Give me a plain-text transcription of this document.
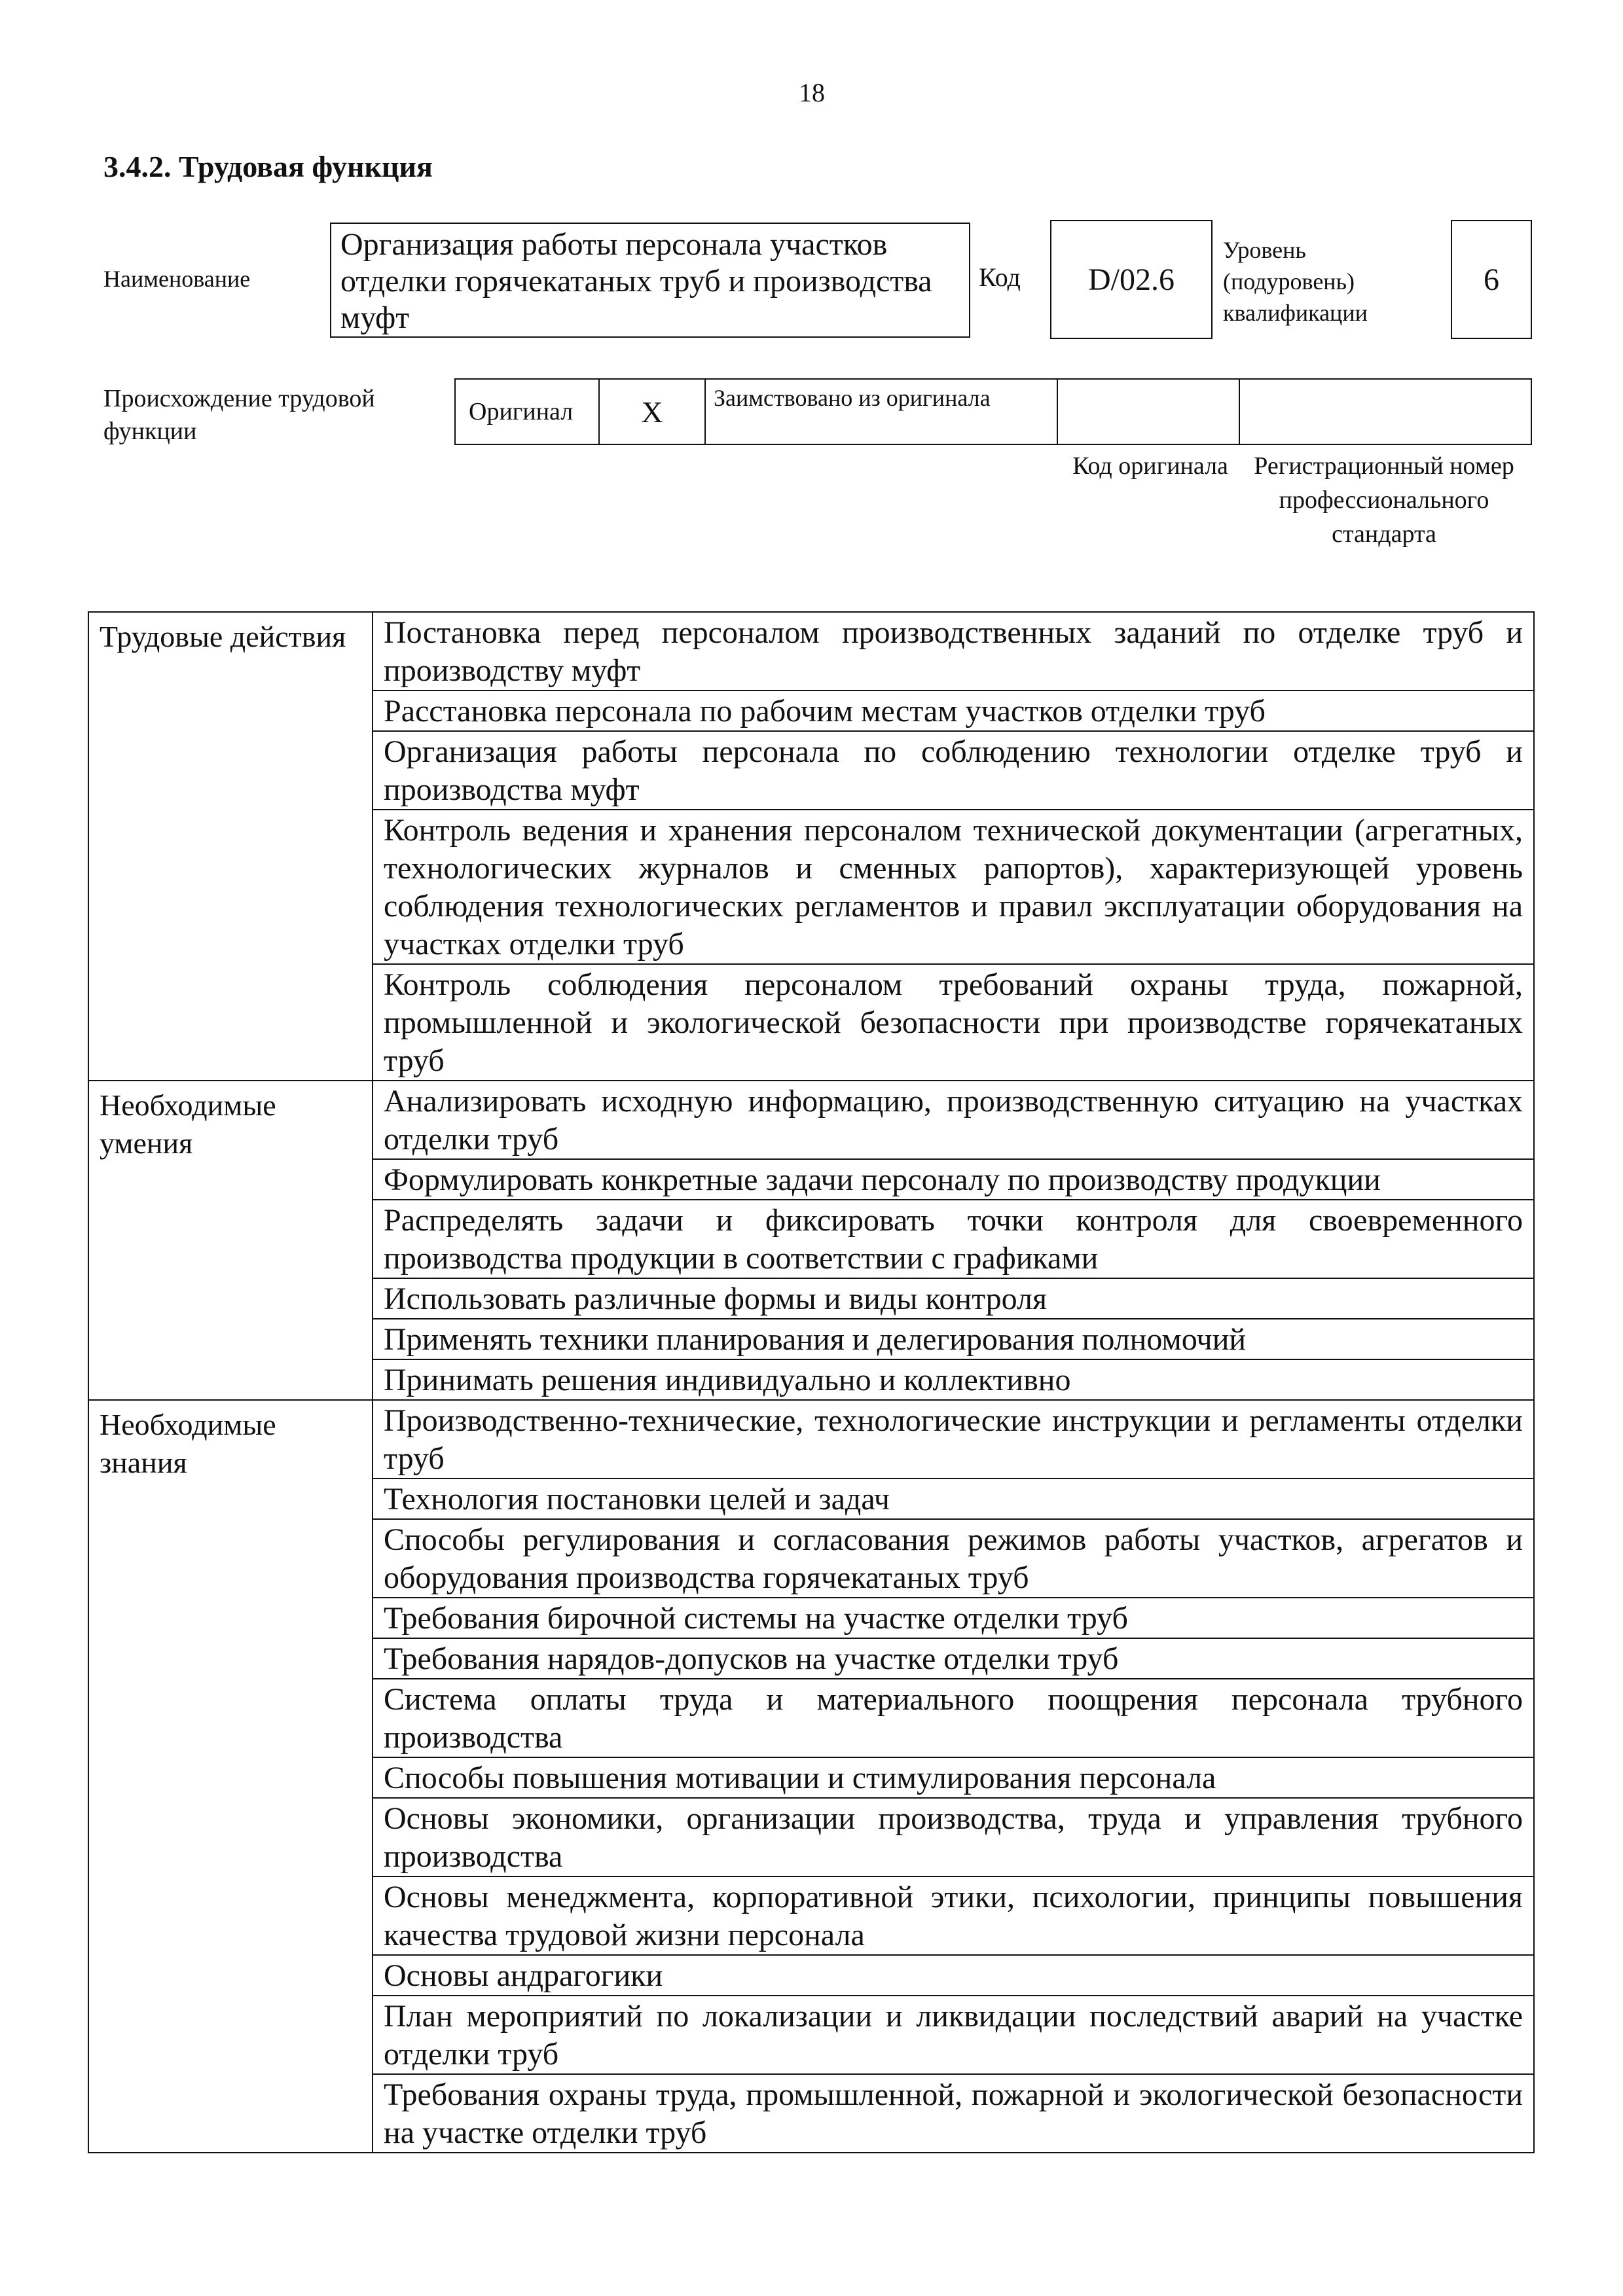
18
3.4.2. Трудовая функция
Наименование
Организация работы персонала участков отделки горячекатаных труб и производства муфт
Код	D/02.6
Уровень (подуровень) квалификации
6
Происхождение трудовой функции
Оригинал	X	Заимствовано из оригинала
Код оригинала	Регистрационный номер профессионального стандарта
Трудовые действия	Постановка перед персоналом производственных заданий по отделке труб и производству муфт
	Расстановка персонала по рабочим местам участков отделки труб
	Организация работы персонала по соблюдению технологии отделке труб и производства муфт
	Контроль ведения и хранения персоналом технической документации (агрегатных, технологических журналов и сменных рапортов), характеризующей уровень соблюдения технологических регламентов и правил эксплуатации оборудования на участках отделки труб
	Контроль соблюдения персоналом требований охраны труда, пожарной, промышленной и экологической безопасности при производстве горячекатаных труб
Необходимые умения	Анализировать исходную информацию, производственную ситуацию на участках отделки труб
	Формулировать конкретные задачи персоналу по производству продукции
	Распределять задачи и фиксировать точки контроля для своевременного производства продукции в соответствии с графиками
	Использовать различные формы и виды контроля
	Применять техники планирования и делегирования полномочий
	Принимать решения индивидуально и коллективно
Необходимые знания	Производственно-технические, технологические инструкции и регламенты отделки труб
	Технология постановки целей и задач
	Способы регулирования и согласования режимов работы участков, агрегатов и оборудования производства горячекатаных труб
	Требования бирочной системы на участке отделки труб
	Требования нарядов-допусков на участке отделки труб
	Система оплаты труда и материального поощрения персонала трубного производства
	Способы повышения мотивации и стимулирования персонала
	Основы экономики, организации производства, труда и управления трубного производства
	Основы менеджмента, корпоративной этики, психологии, принципы повышения качества трудовой жизни персонала
	Основы андрагогики
	План мероприятий по локализации и ликвидации последствий аварий на участке отделки труб
	Требования охраны труда, промышленной, пожарной и экологической безопасности на участке отделки труб
